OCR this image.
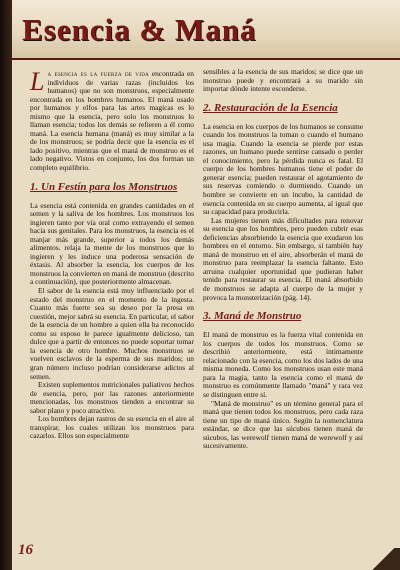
Esencia & Maná

La esencia es la fuerza de vida encontrada en individuos de varias razas (incluidos los humanos) que no son monstruos, especialmente encontrada en los hombres humanos. El maná usado por humanos y elfos para las artes magicas es lo mismo que la esencia, pero solo los monstruos lo llaman esencia; todos los demás se refieren a él como maná. La esencia humana (maná) es muy similar a la de los monstruos; se podría decir que la esencia es el lado positivo, mientras que el maná de monstruo es el lado negativo. Vistos en conjunto, los dos forman un completo equilibrio.

1. Un Festín para los Monstruos

La esencia está contenida en grandes cantidades en el semen y la saliva de los hombres. Los monstruos los ingieren tanto por vía oral como extrayendo el semen hacia sus genitales. Para los monstruos, la esencia es el manjar más grande, superior a todos los demás alimentos. relaja la mente de los monstruos que lo ingieren y les induce una poderosa sensación de éxtasis. Al absorber la esencia, los cuerpos de los monstruos la convierten en maná de monstruo (descrito a continuación), que posteriormente almacenan.

El sabor de la esencia está muy influenciado por el estado del monstruo en el momento de la ingesta. Cuanto más fuerte sea su deseo por la presa en cuestión, mejor sabrá su esencia. En particular, el sabor de la esencia de un hombre a quien ella ha reconocido como su esposo le parece igualmente delicioso, tan dulce que a partir de entonces no puede soportar tomar la esencia de otro hombre. Muchos monstruos se vuelven esclavos de la esperma de sus maridos; un gran número incluso podrían considerarse adictos al semen.

Existen suplementos nutricionales paliativos hechos de esencia, pero, por las razones anteriormente mencionadas, los monstruos tienden a encontrar su sabor plano y poco atractivo.

Los hombres dejan rastros de su esencia en el aire al transpirar, los cuales utilizan los monstruos para cazarlos. Ellos son especialmente

sensibles a la esencia de sus maridos; se dice que un monstruo puede y encontrará a su marido sin importar dónde intente esconderse.

2. Restauración de la Esencia

La esencia en los cuerpos de los humanos se consume cuando los monstruos la toman o cuando el humano usa magia. Cuando la esencia se pierde por estas razones, un humano puede sentirse cansado o perder el conocimiento, pero la pérdida nunca es fatal. El cuerpo de los hombres humanos tiene el poder de generar esencia; pueden restaurar el agotamiento de sus reservas comiendo o durmiendo. Cuando un hombre se convierte en un íncubo, la cantidad de esencia contenida en su cuerpo aumenta, al igual que su capacidad para producirla.

Las mujeres tienen más dificultades para renovar su esencia que los hombres, pero pueden cubrir esas deficiencias absorbiendo la esencia que exudaron los hombres en el entorno. Sin embargo, si también hay maná de monstruo en el aire, absorberán el maná de monstruo para reemplazar la esencia faltante. Esto arruina cualquier oportunidad que pudieran haber tenido para restaurar su esencia. El maná absorbido de monstruos se adapta al cuerpo de la mujer y provoca la monsterización (pág. 14).

3. Maná de Monstruo

El maná de monstruo es la fuerza vital contenida en los cuerpos de todos los monstruos. Como se describió anteriormente, está íntimamente relacionado con la esencia, como los dos lados de una misma moneda. Como los monstruos usan este maná para la magia, tanto la esencia como el maná de monstruo es comúnmente llamado "maná" y rara vez se distinguen entre sí.

"Maná de monstruo" es un término general para el maná que tienen todos los monstruos, pero cada raza tiene un tipo de maná único. Según la nomenclatura estándar, se dice que las súcubos tienen maná de súcubos, las werewolf tienen maná de werewolf y así sucesivamente.

16
